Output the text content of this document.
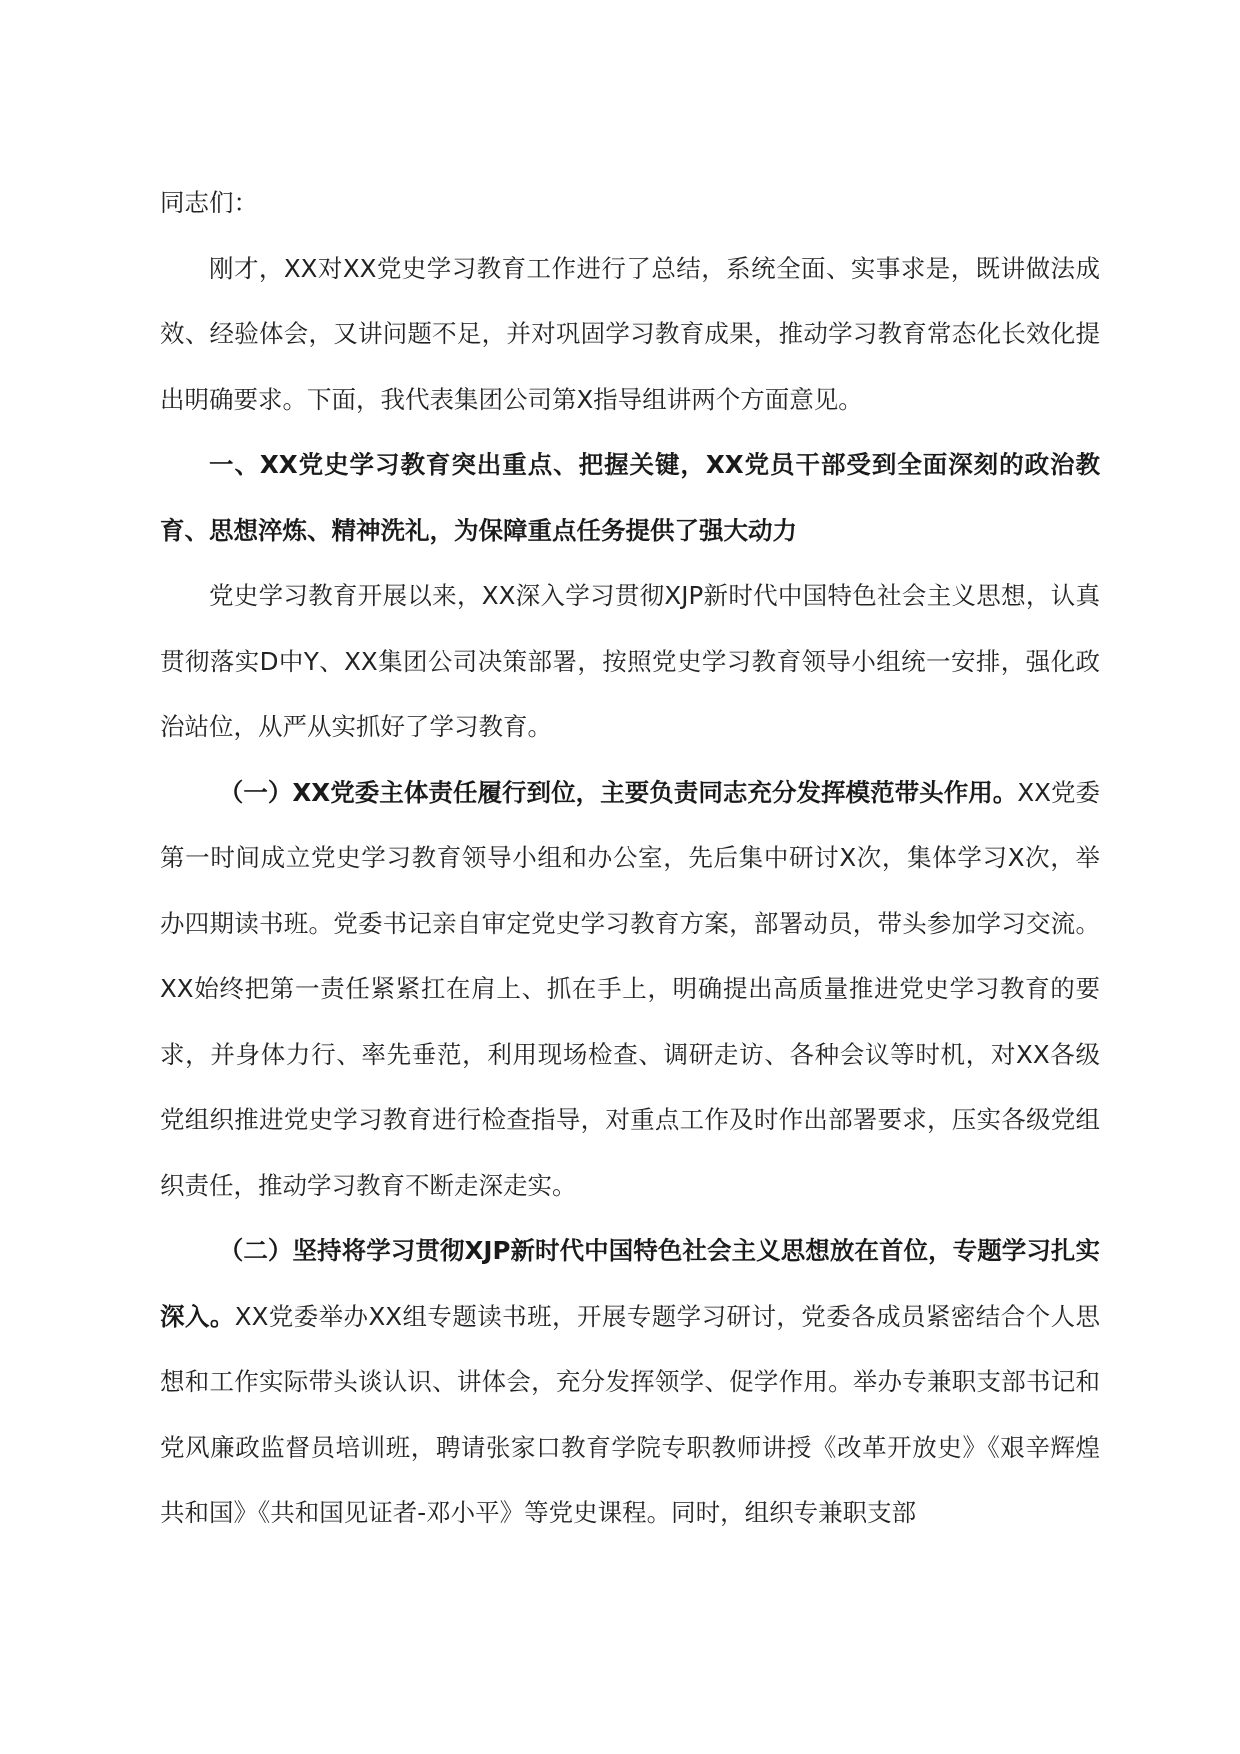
同志们：

刚才，XX对XX党史学习教育工作进行了总结，系统全面、实事求是，既讲做法成效、经验体会，又讲问题不足，并对巩固学习教育成果，推动学习教育常态化长效化提出明确要求。下面，我代表集团公司第X指导组讲两个方面意见。

一、XX党史学习教育突出重点、把握关键，XX党员干部受到全面深刻的政治教育、思想淬炼、精神洗礼，为保障重点任务提供了强大动力

党史学习教育开展以来，XX深入学习贯彻XJP新时代中国特色社会主义思想，认真贯彻落实D中Y、XX集团公司决策部署，按照党史学习教育领导小组统一安排，强化政治站位，从严从实抓好了学习教育。

（一）XX党委主体责任履行到位，主要负责同志充分发挥模范带头作用。XX党委第一时间成立党史学习教育领导小组和办公室，先后集中研讨X次，集体学习X次，举办四期读书班。党委书记亲自审定党史学习教育方案，部署动员，带头参加学习交流。XX始终把第一责任紧紧扛在肩上、抓在手上，明确提出高质量推进党史学习教育的要求，并身体力行、率先垂范，利用现场检查、调研走访、各种会议等时机，对XX各级党组织推进党史学习教育进行检查指导，对重点工作及时作出部署要求，压实各级党组织责任，推动学习教育不断走深走实。

（二）坚持将学习贯彻XJP新时代中国特色社会主义思想放在首位，专题学习扎实深入。XX党委举办XX组专题读书班，开展专题学习研讨，党委各成员紧密结合个人思想和工作实际带头谈认识、讲体会，充分发挥领学、促学作用。举办专兼职支部书记和党风廉政监督员培训班，聘请张家口教育学院专职教师讲授《改革开放史》《艰辛辉煌共和国》《共和国见证者-邓小平》等党史课程。同时，组织专兼职支部
